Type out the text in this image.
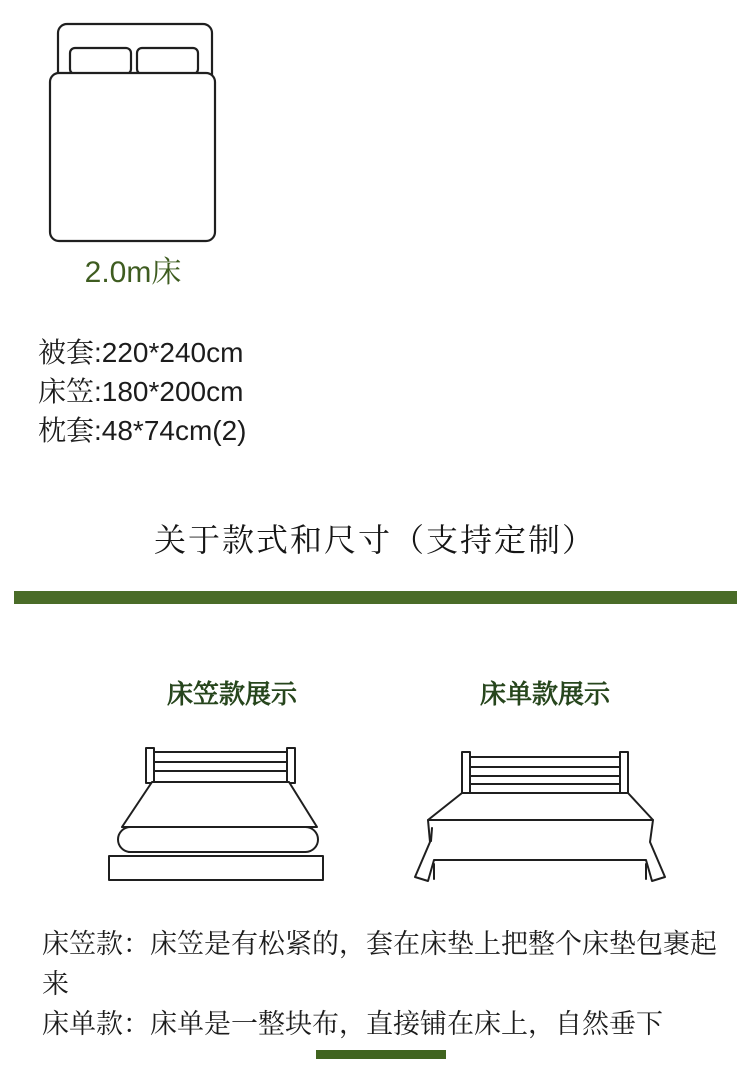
2.0m床
被套:220*240cm
床笠:180*200cm
枕套:48*74cm(2)
关于款式和尺寸（支持定制）
床笠款展示	床单款展示

床笠款：床笠是有松紧的，套在床垫上把整个床垫包裹起来

床单款：床单是一整块布，直接铺在床上，自然垂下
